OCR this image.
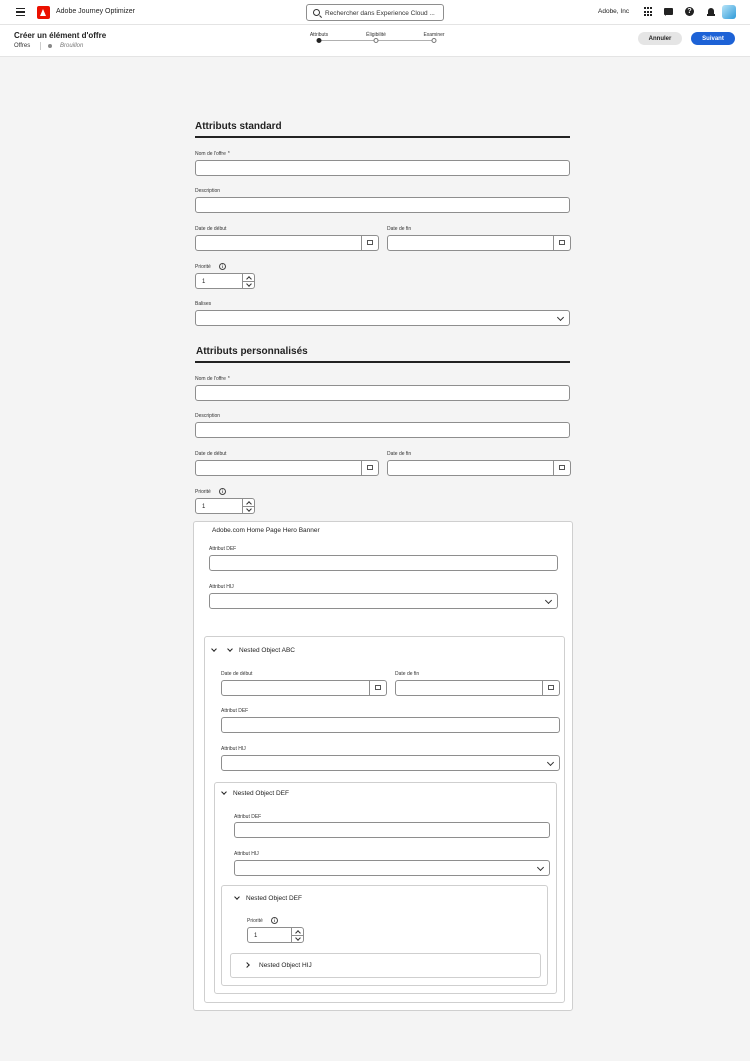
Adobe Journey Optimizer	Rechercher dans Experience Cloud ...	Adobe, Inc	?
Créer un élément d'offre
Offres	Brouillon
Attributs	Éligibilité	Examiner
Annuler	Suivant
Attributs standard
Nom de l'offre *
Description
Date de début	Date de fin
Priorité	i
1
Balises
Attributs personnalisés
Nom de l'offre *
Description
Date de début	Date de fin
Priorité	i
1
Adobe.com Home Page Hero Banner
Attribut DEF
Attribut HIJ
Nested Object ABC
Date de début	Date de fin
Attribut DEF
Attribut HIJ
Nested Object DEF
Attribut DEF
Attribut HIJ
Nested Object DEF
Priorité	i
1
Nested Object HIJ
